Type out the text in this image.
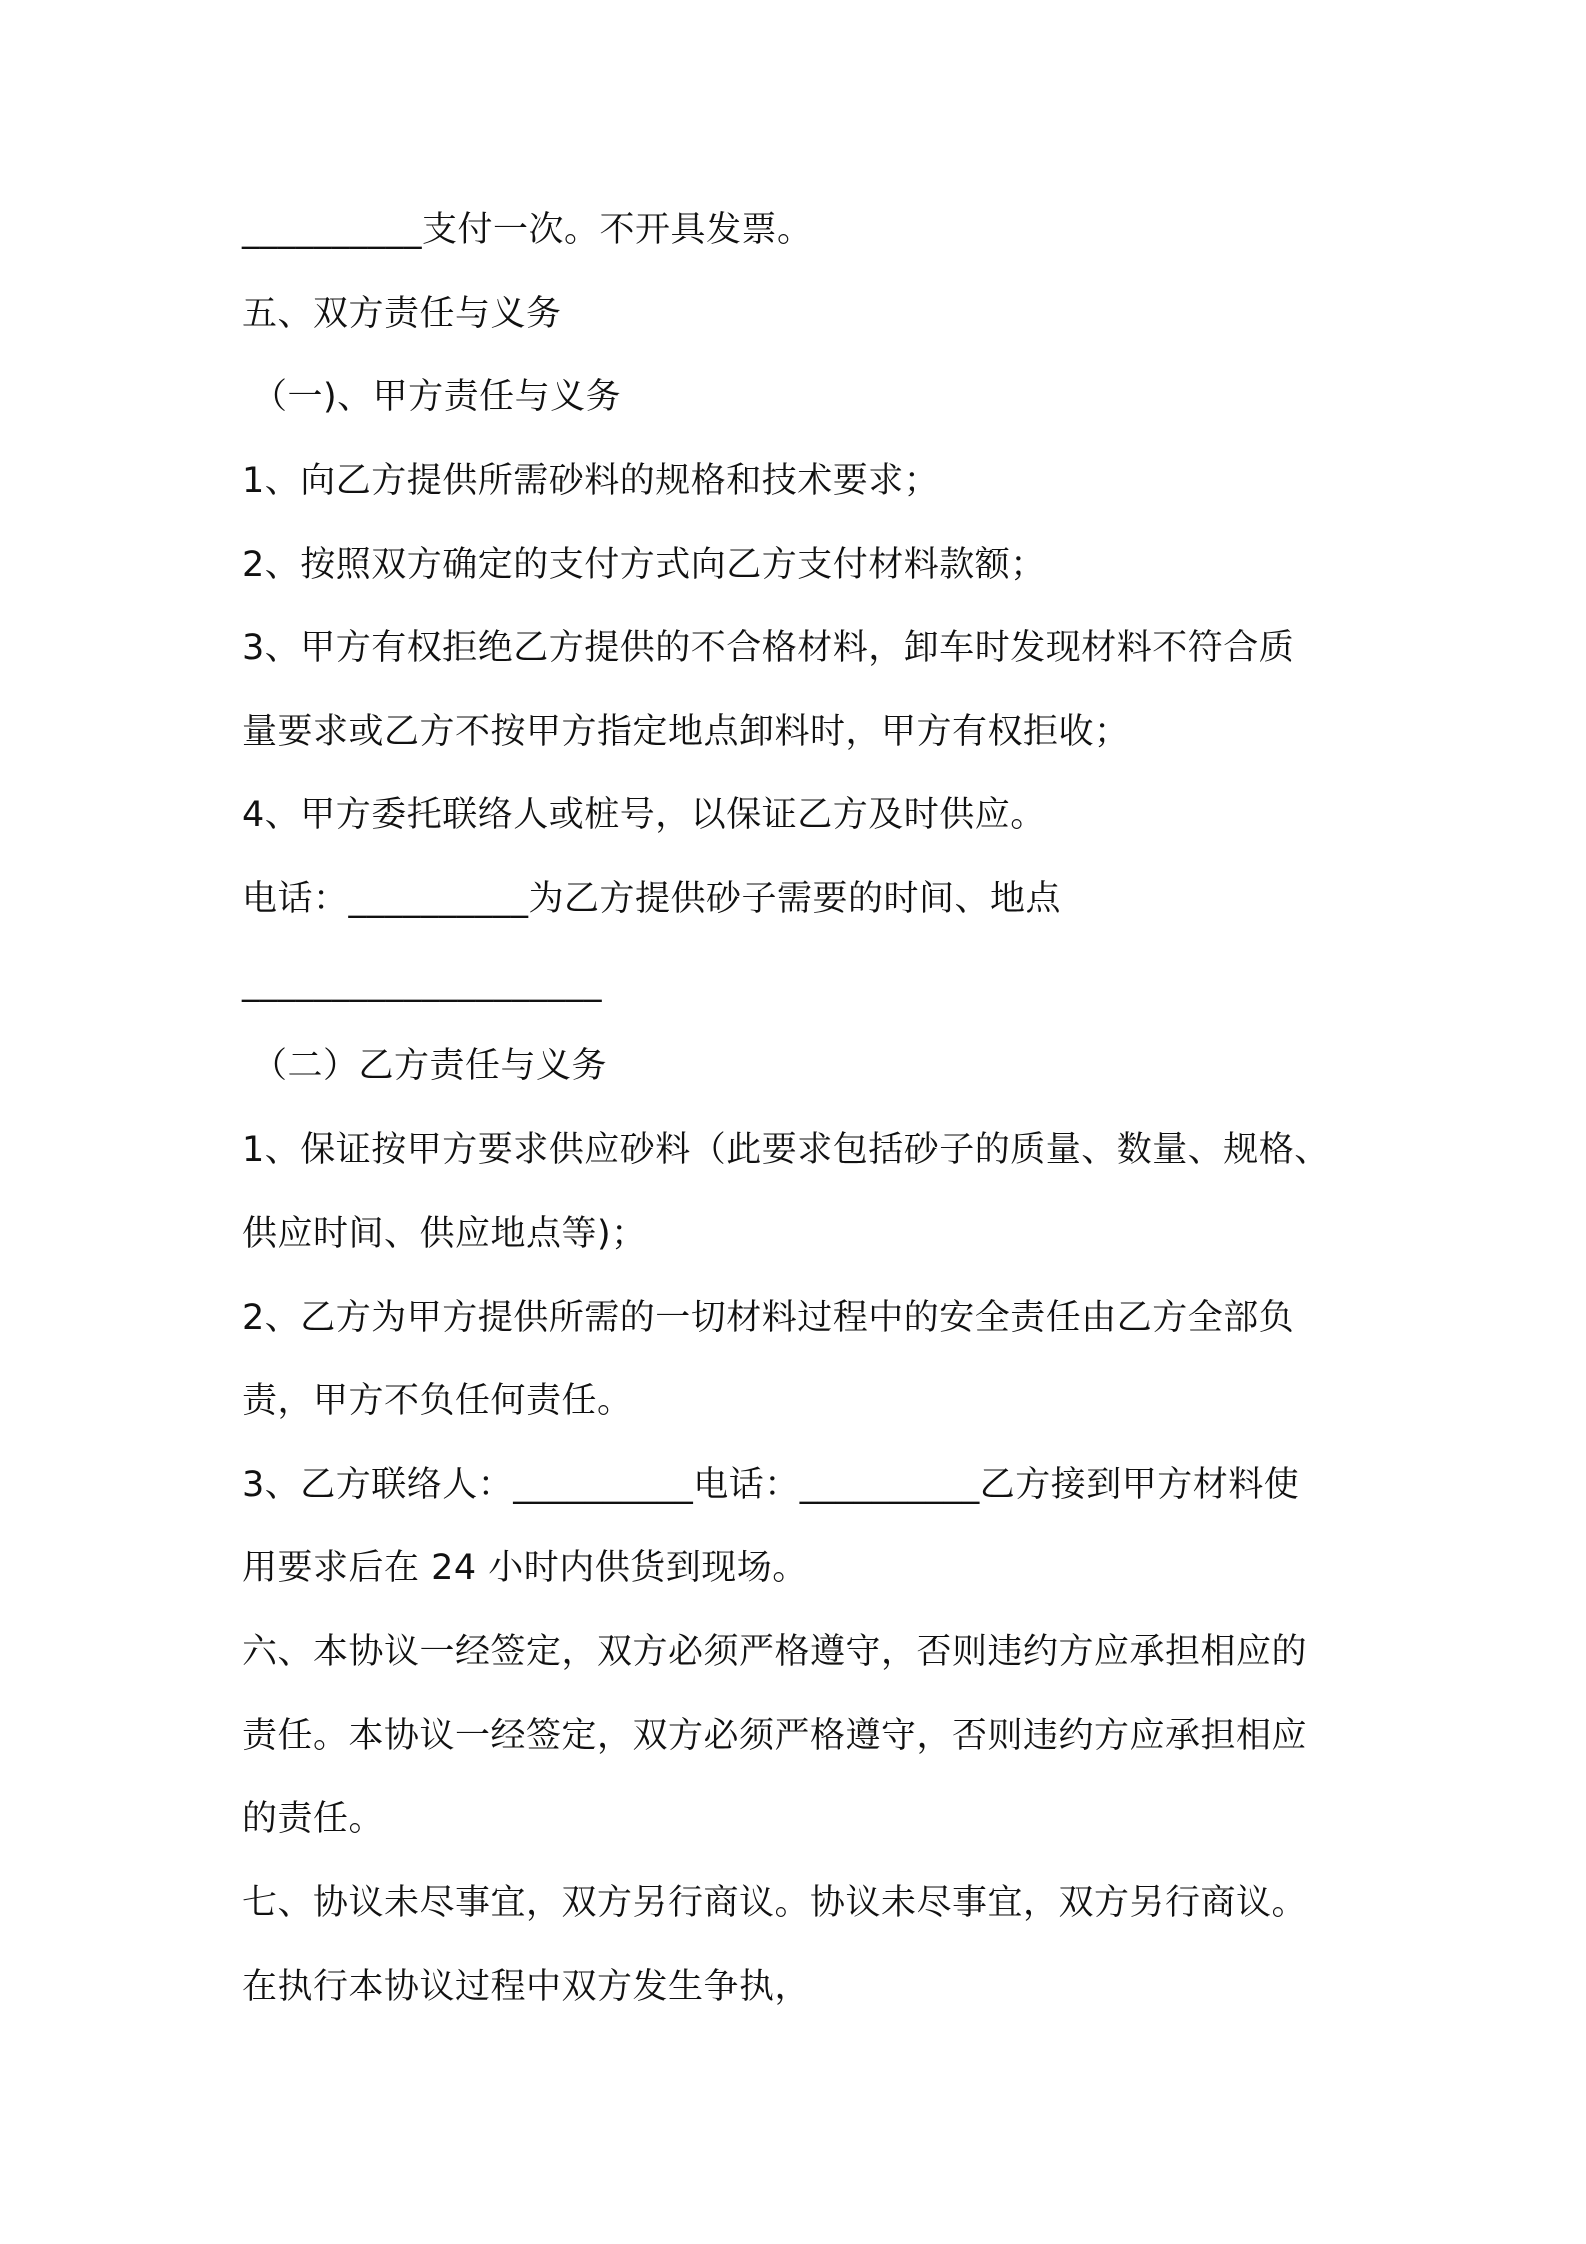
__________支付一次。不开具发票。
五、双方责任与义务
（一)、甲方责任与义务
1、向乙方提供所需砂料的规格和技术要求；
2、按照双方确定的支付方式向乙方支付材料款额；
3、甲方有权拒绝乙方提供的不合格材料，卸车时发现材料不符合质
量要求或乙方不按甲方指定地点卸料时，甲方有权拒收；
4、甲方委托联络人或桩号，以保证乙方及时供应。
电话：__________为乙方提供砂子需要的时间、地点
____________________
（二）乙方责任与义务
1、保证按甲方要求供应砂料（此要求包括砂子的质量、数量、规格、
供应时间、供应地点等)；
2、乙方为甲方提供所需的一切材料过程中的安全责任由乙方全部负
责，甲方不负任何责任。
3、乙方联络人：__________电话：__________乙方接到甲方材料使
用要求后在 24 小时内供货到现场。
六、本协议一经签定，双方必须严格遵守，否则违约方应承担相应的
责任。本协议一经签定，双方必须严格遵守，否则违约方应承担相应
的责任。
七、协议未尽事宜，双方另行商议。协议未尽事宜，双方另行商议。
在执行本协议过程中双方发生争执，
